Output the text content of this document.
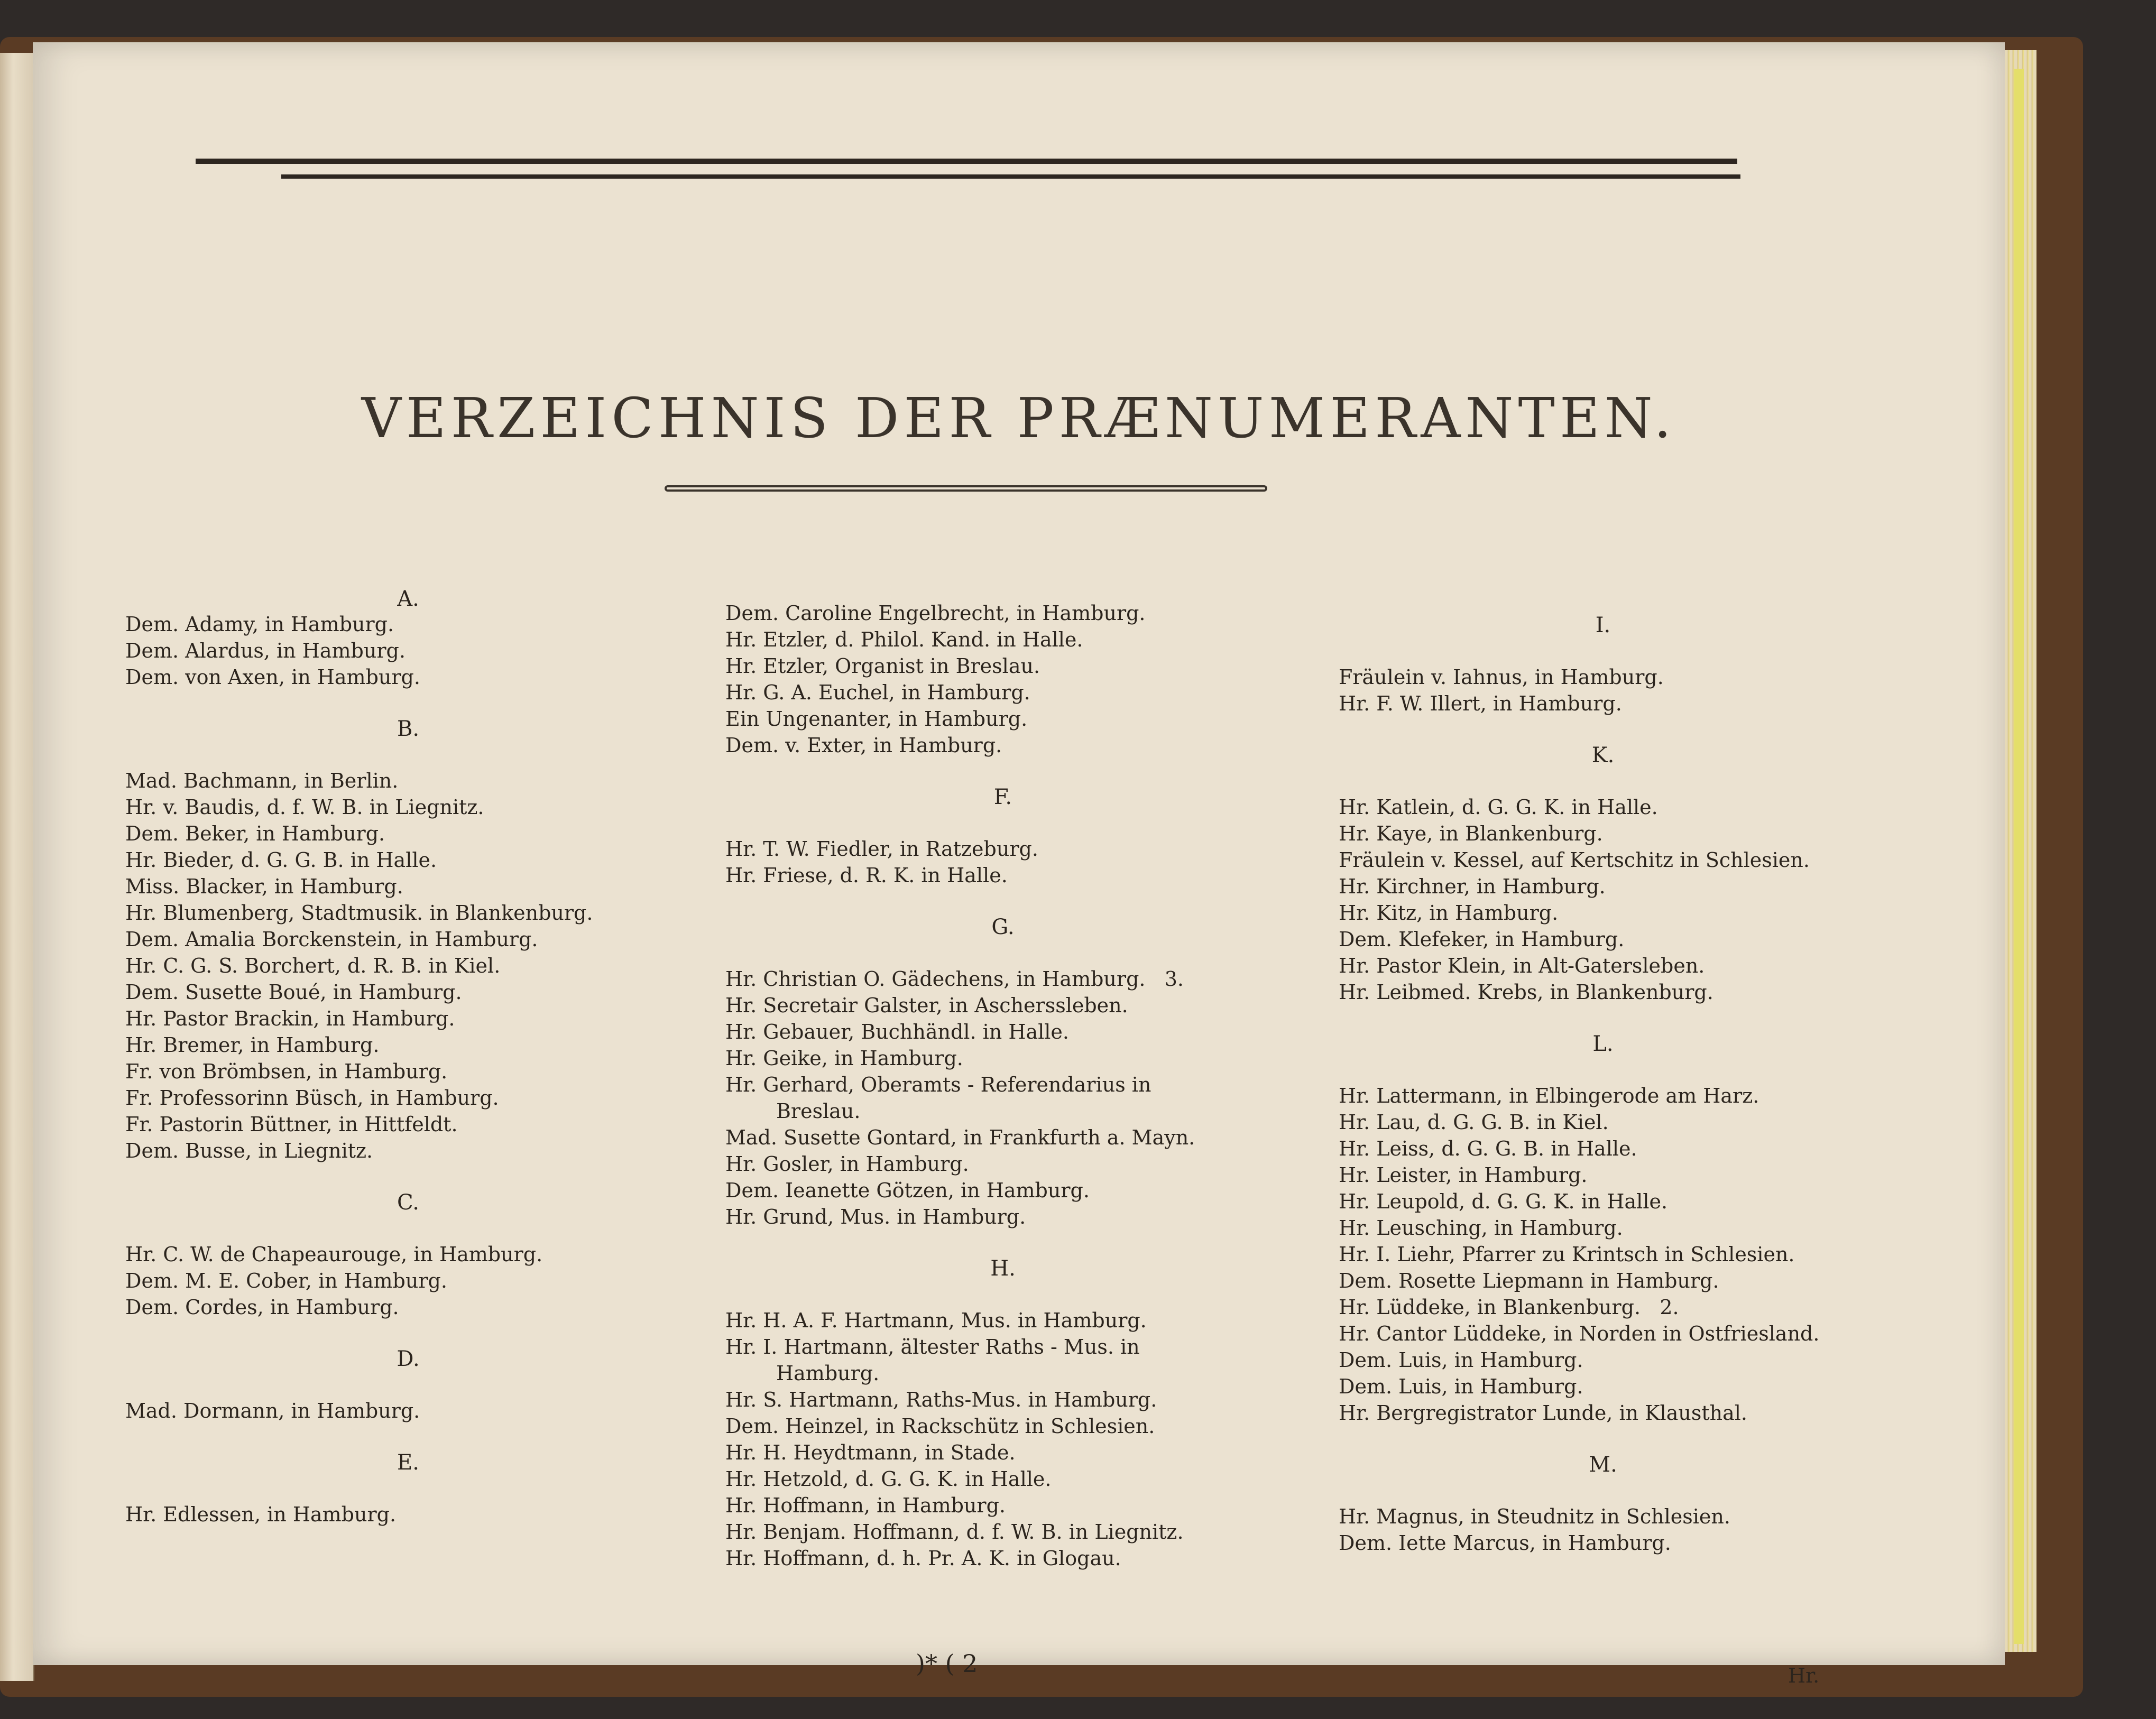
VERZEICHNIS DER PRÆNUMERANTEN.
A.
Dem. Adamy, in Hamburg.
Dem. Alardus, in Hamburg.
Dem. von Axen, in Hamburg.
B.
Mad. Bachmann, in Berlin.
Hr. v. Baudis, d. f. W. B. in Liegnitz.
Dem. Beker, in Hamburg.
Hr. Bieder, d. G. G. B. in Halle.
Miss. Blacker, in Hamburg.
Hr. Blumenberg, Stadtmusik. in Blankenburg.
Dem. Amalia Borckenstein, in Hamburg.
Hr. C. G. S. Borchert, d. R. B. in Kiel.
Dem. Susette Boué, in Hamburg.
Hr. Pastor Brackin, in Hamburg.
Hr. Bremer, in Hamburg.
Fr. von Brömbsen, in Hamburg.
Fr. Professorinn Büsch, in Hamburg.
Fr. Pastorin Büttner, in Hittfeldt.
Dem. Busse, in Liegnitz.
C.
Hr. C. W. de Chapeaurouge, in Hamburg.
Dem. M. E. Cober, in Hamburg.
Dem. Cordes, in Hamburg.
D.
Mad. Dormann, in Hamburg.
E.
Hr. Edlessen, in Hamburg.
Dem. Caroline Engelbrecht, in Hamburg.
Hr. Etzler, d. Philol. Kand. in Halle.
Hr. Etzler, Organist in Breslau.
Hr. G. A. Euchel, in Hamburg.
Ein Ungenanter, in Hamburg.
Dem. v. Exter, in Hamburg.
F.
Hr. T. W. Fiedler, in Ratzeburg.
Hr. Friese, d. R. K. in Halle.
G.
Hr. Christian O. Gädechens, in Hamburg.   3.
Hr. Secretair Galster, in Ascherssleben.
Hr. Gebauer, Buchhändl. in Halle.
Hr. Geike, in Hamburg.
Hr. Gerhard, Oberamts - Referendarius in
Breslau.
Mad. Susette Gontard, in Frankfurth a. Mayn.
Hr. Gosler, in Hamburg.
Dem. Ieanette Götzen, in Hamburg.
Hr. Grund, Mus. in Hamburg.
H.
Hr. H. A. F. Hartmann, Mus. in Hamburg.
Hr. I. Hartmann, ältester Raths - Mus. in
Hamburg.
Hr. S. Hartmann, Raths-Mus. in Hamburg.
Dem. Heinzel, in Rackschütz in Schlesien.
Hr. H. Heydtmann, in Stade.
Hr. Hetzold, d. G. G. K. in Halle.
Hr. Hoffmann, in Hamburg.
Hr. Benjam. Hoffmann, d. f. W. B. in Liegnitz.
Hr. Hoffmann, d. h. Pr. A. K. in Glogau.
I.
Fräulein v. Iahnus, in Hamburg.
Hr. F. W. Illert, in Hamburg.
K.
Hr. Katlein, d. G. G. K. in Halle.
Hr. Kaye, in Blankenburg.
Fräulein v. Kessel, auf Kertschitz in Schlesien.
Hr. Kirchner, in Hamburg.
Hr. Kitz, in Hamburg.
Dem. Klefeker, in Hamburg.
Hr. Pastor Klein, in Alt-Gatersleben.
Hr. Leibmed. Krebs, in Blankenburg.
L.
Hr. Lattermann, in Elbingerode am Harz.
Hr. Lau, d. G. G. B. in Kiel.
Hr. Leiss, d. G. G. B. in Halle.
Hr. Leister, in Hamburg.
Hr. Leupold, d. G. G. K. in Halle.
Hr. Leusching, in Hamburg.
Hr. I. Liehr, Pfarrer zu Krintsch in Schlesien.
Dem. Rosette Liepmann in Hamburg.
Hr. Lüddeke, in Blankenburg.   2.
Hr. Cantor Lüddeke, in Norden in Ostfriesland.
Dem. Luis, in Hamburg.
Dem. Luis, in Hamburg.
Hr. Bergregistrator Lunde, in Klausthal.
M.
Hr. Magnus, in Steudnitz in Schlesien.
Dem. Iette Marcus, in Hamburg.
)* ( 2	Hr.
